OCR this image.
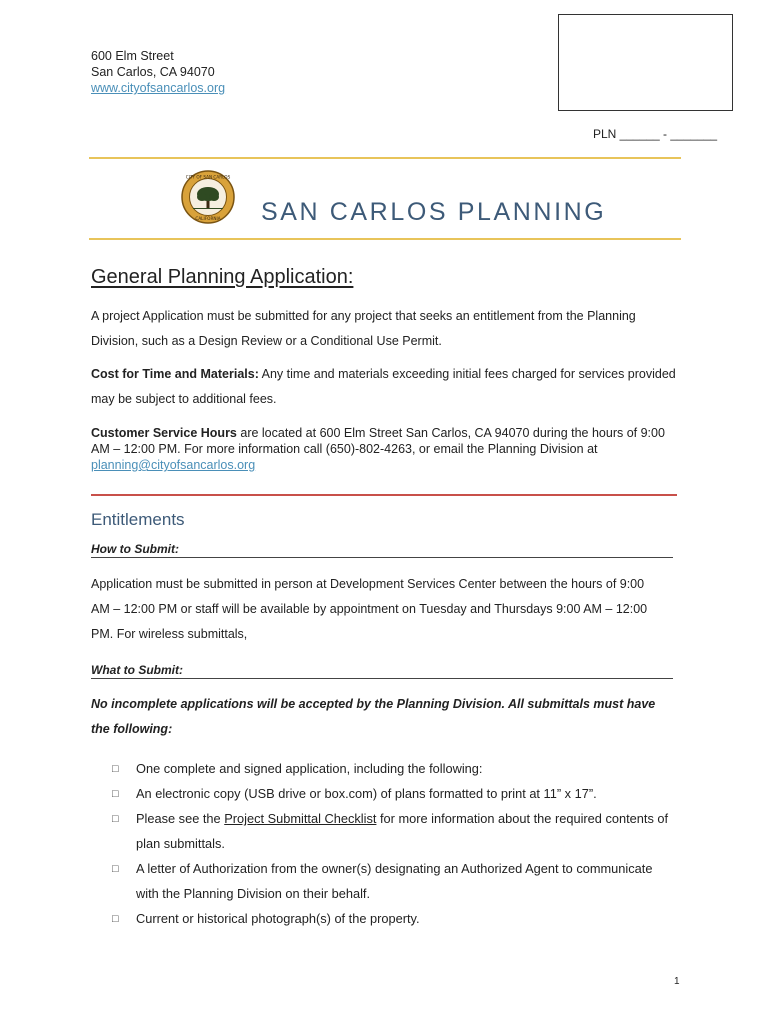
600 Elm Street
San Carlos, CA 94070
www.cityofsancarlos.org
PLN ______ - _______
CITY OF SAN CARLOS
CALIFORNIA SAN CARLOS PLANNING
General Planning Application:
A project Application must be submitted for any project that seeks an entitlement from the Planning Division, such as a Design Review or a Conditional Use Permit.
Cost for Time and Materials: Any time and materials exceeding initial fees charged for services provided may be subject to additional fees.
Customer Service Hours are located at 600 Elm Street San Carlos, CA 94070 during the hours of 9:00 AM – 12:00 PM. For more information call (650)-802-4263, or email the Planning Division at planning@cityofsancarlos.org
Entitlements
How to Submit:
Application must be submitted in person at Development Services Center between the hours of 9:00 AM – 12:00 PM or staff will be available by appointment on Tuesday and Thursdays 9:00 AM – 12:00 PM. For wireless submittals,
What to Submit:
No incomplete applications will be accepted by the Planning Division. All submittals must have the following:
□ One complete and signed application, including the following:
□ An electronic copy (USB drive or box.com) of plans formatted to print at 11” x 17”.
□ Please see the Project Submittal Checklist for more information about the required contents of plan submittals.
□ A letter of Authorization from the owner(s) designating an Authorized Agent to communicate with the Planning Division on their behalf.
□ Current or historical photograph(s) of the property.
1
